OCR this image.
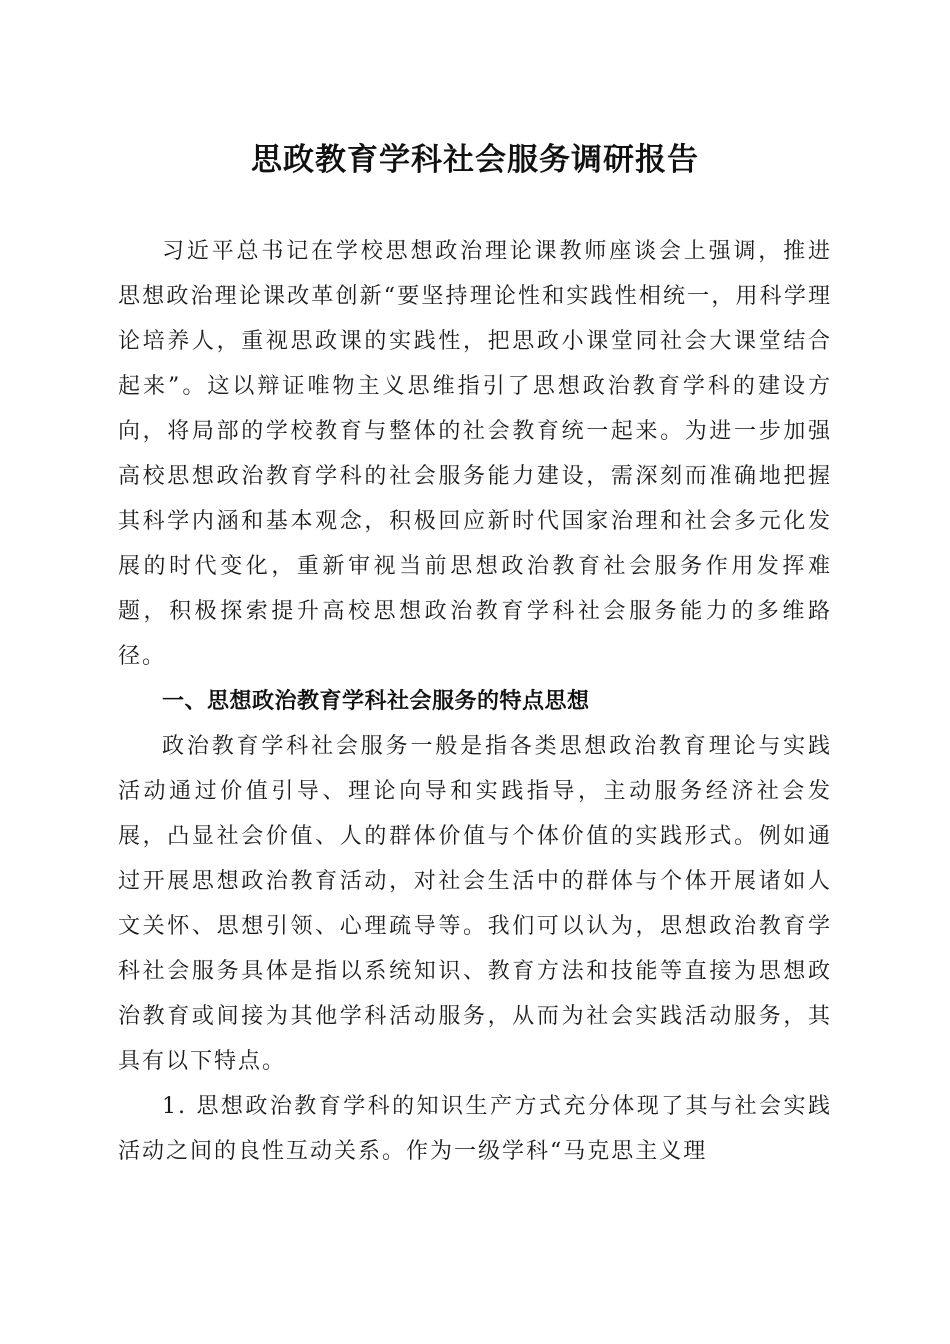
思政教育学科社会服务调研报告

习近平总书记在学校思想政治理论课教师座谈会上强调，推进思想政治理论课改革创新“要坚持理论性和实践性相统一，用科学理论培养人，重视思政课的实践性，把思政小课堂同社会大课堂结合起来”。这以辩证唯物主义思维指引了思想政治教育学科的建设方向，将局部的学校教育与整体的社会教育统一起来。为进一步加强高校思想政治教育学科的社会服务能力建设，需深刻而准确地把握其科学内涵和基本观念，积极回应新时代国家治理和社会多元化发展的时代变化，重新审视当前思想政治教育社会服务作用发挥难题，积极探索提升高校思想政治教育学科社会服务能力的多维路径。

一、思想政治教育学科社会服务的特点思想

政治教育学科社会服务一般是指各类思想政治教育理论与实践活动通过价值引导、理论向导和实践指导，主动服务经济社会发展，凸显社会价值、人的群体价值与个体价值的实践形式。例如通过开展思想政治教育活动，对社会生活中的群体与个体开展诸如人文关怀、思想引领、心理疏导等。我们可以认为，思想政治教育学科社会服务具体是指以系统知识、教育方法和技能等直接为思想政治教育或间接为其他学科活动服务，从而为社会实践活动服务，其具有以下特点。

1. 思想政治教育学科的知识生产方式充分体现了其与社会实践活动之间的良性互动关系。作为一级学科“马克思主义理
